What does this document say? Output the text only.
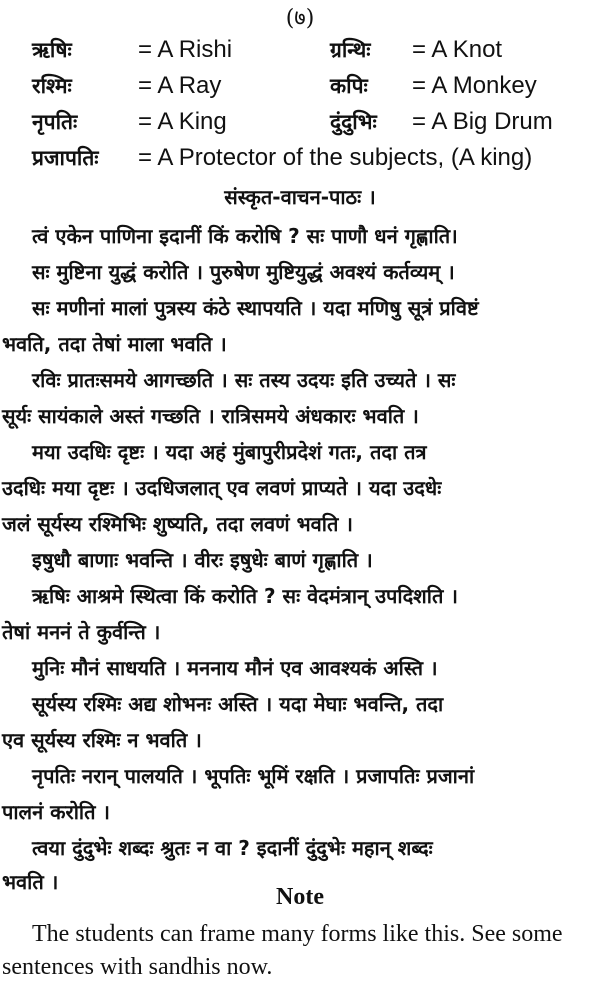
(७)
ऋषिः	= A Rishi	ग्रन्थिः = A Knot
रश्मिः	= A Ray	कपिः = A Monkey
नृपतिः	= A King	दुंदुभिः = A Big Drum
प्रजापतिः = A Protector of the subjects, (A king)
संस्कृत-वाचन-पाठः ।
त्वं एकेन पाणिना इदानीं किं करोषि ? सः पाणौ धनं गृह्णाति।
सः मुष्टिना युद्धं करोति । पुरुषेण मुष्टियुद्धं अवश्यं कर्तव्यम् ।
सः मणीनां मालां पुत्रस्य कंठे स्थापयति । यदा मणिषु सूत्रं प्रविष्टं
भवति, तदा तेषां माला भवति ।
रविः प्रातःसमये आगच्छति । सः तस्य उदयः इति उच्यते । सः
सूर्यः सायंकाले अस्तं गच्छति । रात्रिसमये अंधकारः भवति ।
मया उदधिः दृष्टः । यदा अहं मुंबापुरीप्रदेशं गतः, तदा तत्र
उदधिः मया दृष्टः । उदधिजलात् एव लवणं प्राप्यते । यदा उदधेः
जलं सूर्यस्य रश्मिभिः शुष्यति, तदा लवणं भवति ।
इषुधौ बाणाः भवन्ति । वीरः इषुधेः बाणं गृह्णाति ।
ऋषिः आश्रमे स्थित्वा किं करोति ? सः वेदमंत्रान् उपदिशति ।
तेषां मननं ते कुर्वन्ति ।
मुनिः मौनं साधयति । मननाय मौनं एव आवश्यकं अस्ति ।
सूर्यस्य रश्मिः अद्य शोभनः अस्ति । यदा मेघाः भवन्ति, तदा
एव सूर्यस्य रश्मिः न भवति ।
नृपतिः नरान् पालयति । भूपतिः भूमिं रक्षति । प्रजापतिः प्रजानां
पालनं करोति ।
त्वया दुंदुभेः शब्दः श्रुतः न वा ? इदानीं दुंदुभेः महान् शब्दः
भवति ।
Note
The students can frame many forms like this. See some
sentences with sandhis now.
